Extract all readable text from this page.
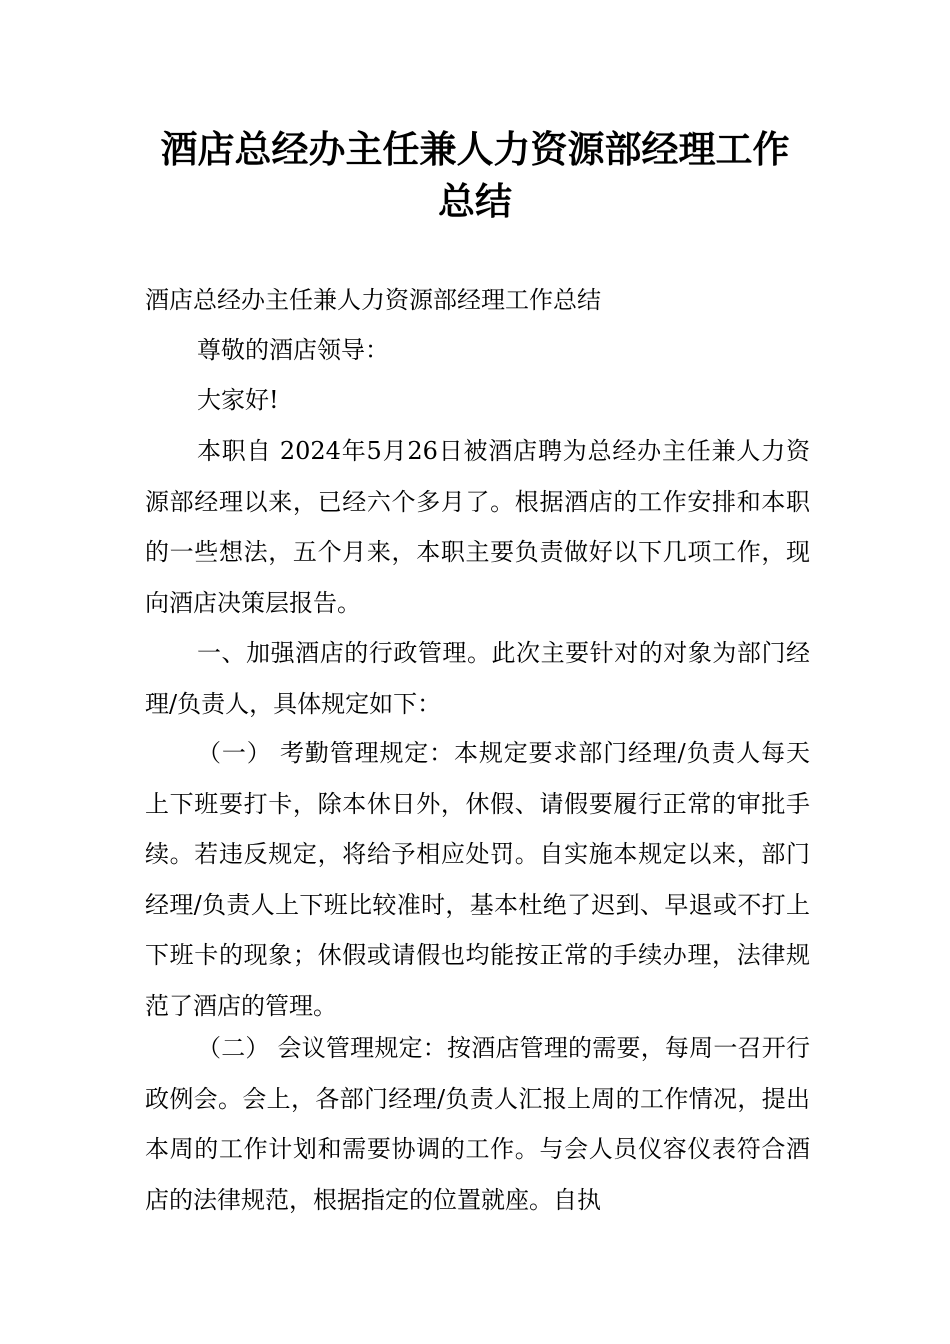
酒店总经办主任兼人力资源部经理工作
总结

酒店总经办主任兼人力资源部经理工作总结

尊敬的酒店领导：

大家好!

本职自 2024年5月26日被酒店聘为总经办主任兼人力资源部经理以来，已经六个多月了。根据酒店的工作安排和本职的一些想法，五个月来，本职主要负责做好以下几项工作，现向酒店决策层报告。

一、加强酒店的行政管理。此次主要针对的对象为部门经理/负责人，具体规定如下：

（一） 考勤管理规定：本规定要求部门经理/负责人每天上下班要打卡，除本休日外，休假、请假要履行正常的审批手续。若违反规定，将给予相应处罚。自实施本规定以来，部门经理/负责人上下班比较准时，基本杜绝了迟到、早退或不打上下班卡的现象；休假或请假也均能按正常的手续办理，法律规范了酒店的管理。

（二） 会议管理规定：按酒店管理的需要，每周一召开行政例会。会上，各部门经理/负责人汇报上周的工作情况，提出本周的工作计划和需要协调的工作。与会人员仪容仪表符合酒店的法律规范，根据指定的位置就座。自执
